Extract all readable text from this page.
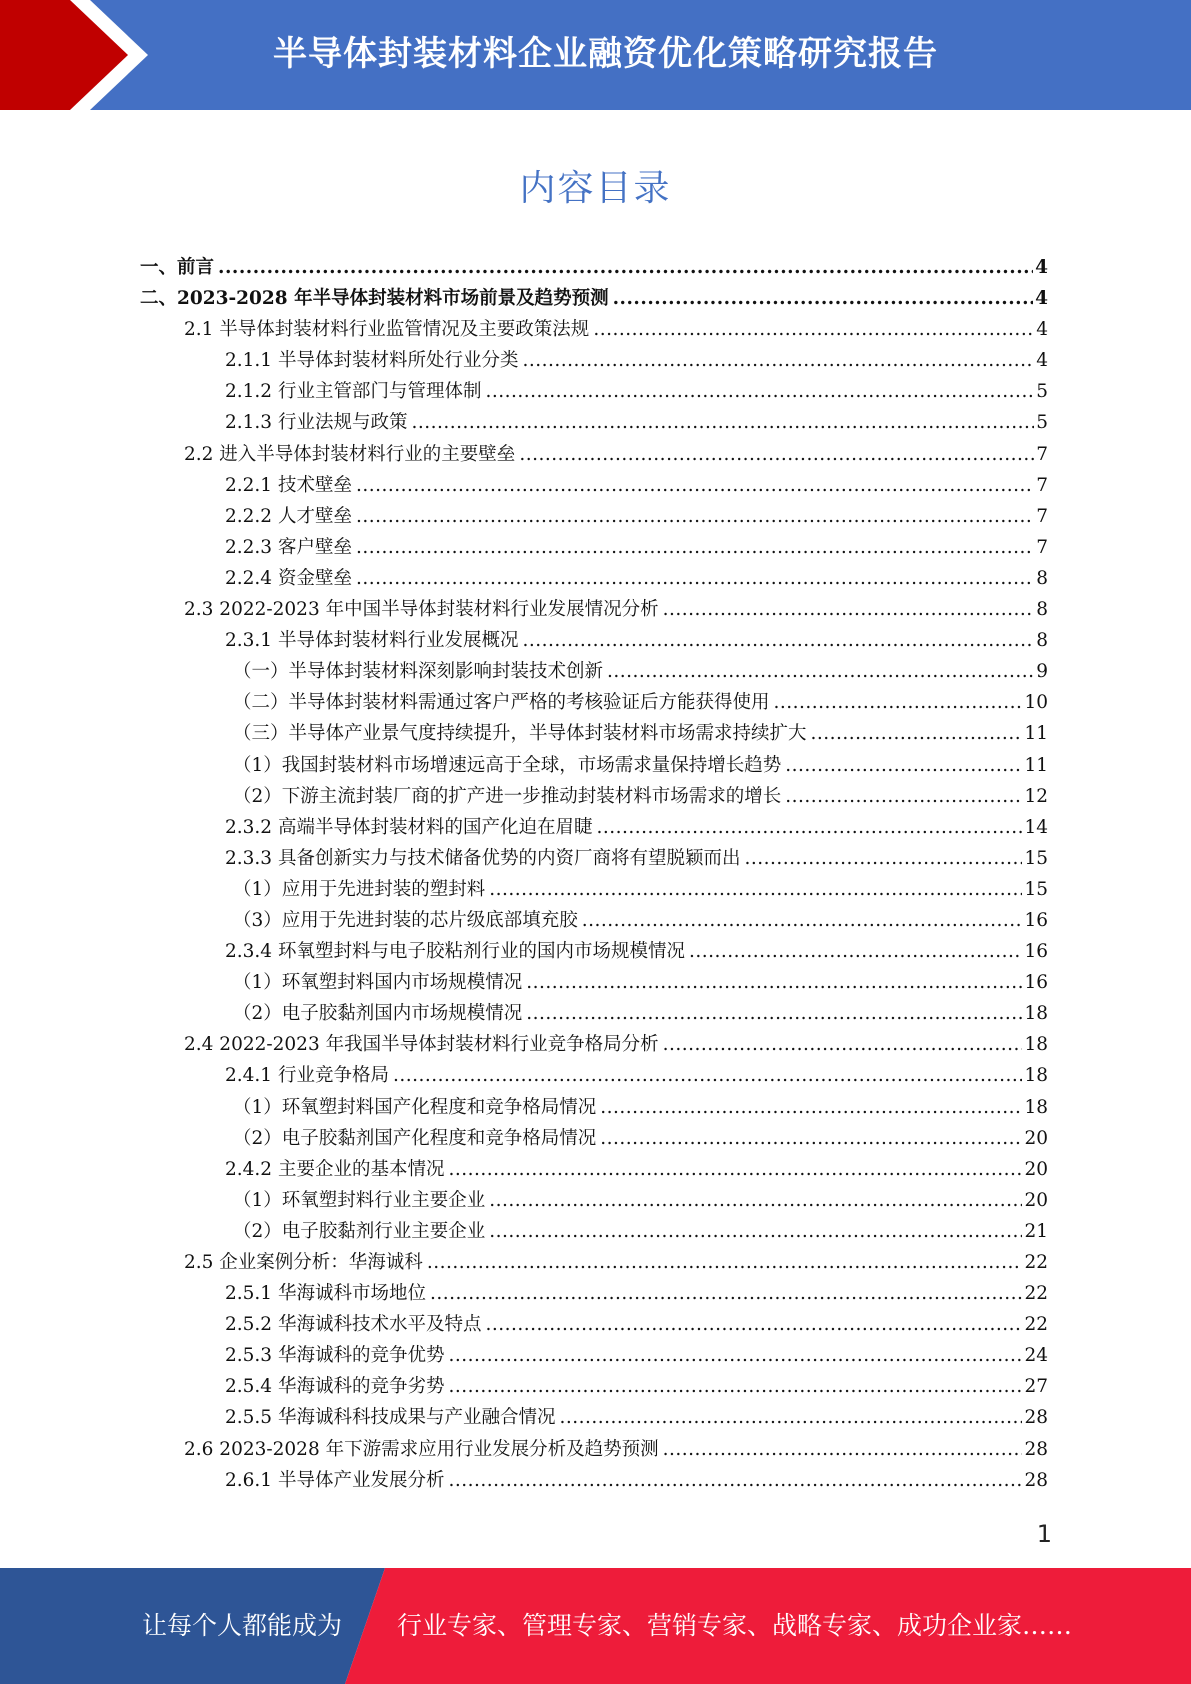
半导体封装材料企业融资优化策略研究报告
内容目录
一、前言 .....	4
二、2023-2028 年半导体封装材料市场前景及趋势预测 .....	4
2.1 半导体封装材料行业监管情况及主要政策法规 .....	4
2.1.1 半导体封装材料所处行业分类 .....	4
2.1.2 行业主管部门与管理体制 .....	5
2.1.3 行业法规与政策 .....	5
2.2 进入半导体封装材料行业的主要壁垒 .....	7
2.2.1 技术壁垒 .....	7
2.2.2 人才壁垒 .....	7
2.2.3 客户壁垒 .....	7
2.2.4 资金壁垒 .....	8
2.3 2022-2023 年中国半导体封装材料行业发展情况分析 .....	8
2.3.1 半导体封装材料行业发展概况 .....	8
（一）半导体封装材料深刻影响封装技术创新 .....	9
（二）半导体封装材料需通过客户严格的考核验证后方能获得使用 .....	10
（三）半导体产业景气度持续提升，半导体封装材料市场需求持续扩大 .....	11
（1）我国封装材料市场增速远高于全球，市场需求量保持增长趋势 .....	11
（2）下游主流封装厂商的扩产进一步推动封装材料市场需求的增长 .....	12
2.3.2 高端半导体封装材料的国产化迫在眉睫 .....	14
2.3.3 具备创新实力与技术储备优势的内资厂商将有望脱颖而出 .....	15
（1）应用于先进封装的塑封料 .....	15
（3）应用于先进封装的芯片级底部填充胶 .....	16
2.3.4 环氧塑封料与电子胶粘剂行业的国内市场规模情况 .....	16
（1）环氧塑封料国内市场规模情况 .....	16
（2）电子胶黏剂国内市场规模情况 .....	18
2.4 2022-2023 年我国半导体封装材料行业竞争格局分析 .....	18
2.4.1 行业竞争格局 .....	18
（1）环氧塑封料国产化程度和竞争格局情况 .....	18
（2）电子胶黏剂国产化程度和竞争格局情况 .....	20
2.4.2 主要企业的基本情况 .....	20
（1）环氧塑封料行业主要企业 .....	20
（2）电子胶黏剂行业主要企业 .....	21
2.5 企业案例分析：华海诚科 .....	22
2.5.1 华海诚科市场地位 .....	22
2.5.2 华海诚科技术水平及特点 .....	22
2.5.3 华海诚科的竞争优势 .....	24
2.5.4 华海诚科的竞争劣势 .....	27
2.5.5 华海诚科科技成果与产业融合情况 .....	28
2.6 2023-2028 年下游需求应用行业发展分析及趋势预测 .....	28
2.6.1 半导体产业发展分析 .....	28
1
让每个人都能成为 行业专家、管理专家、营销专家、战略专家、成功企业家……
